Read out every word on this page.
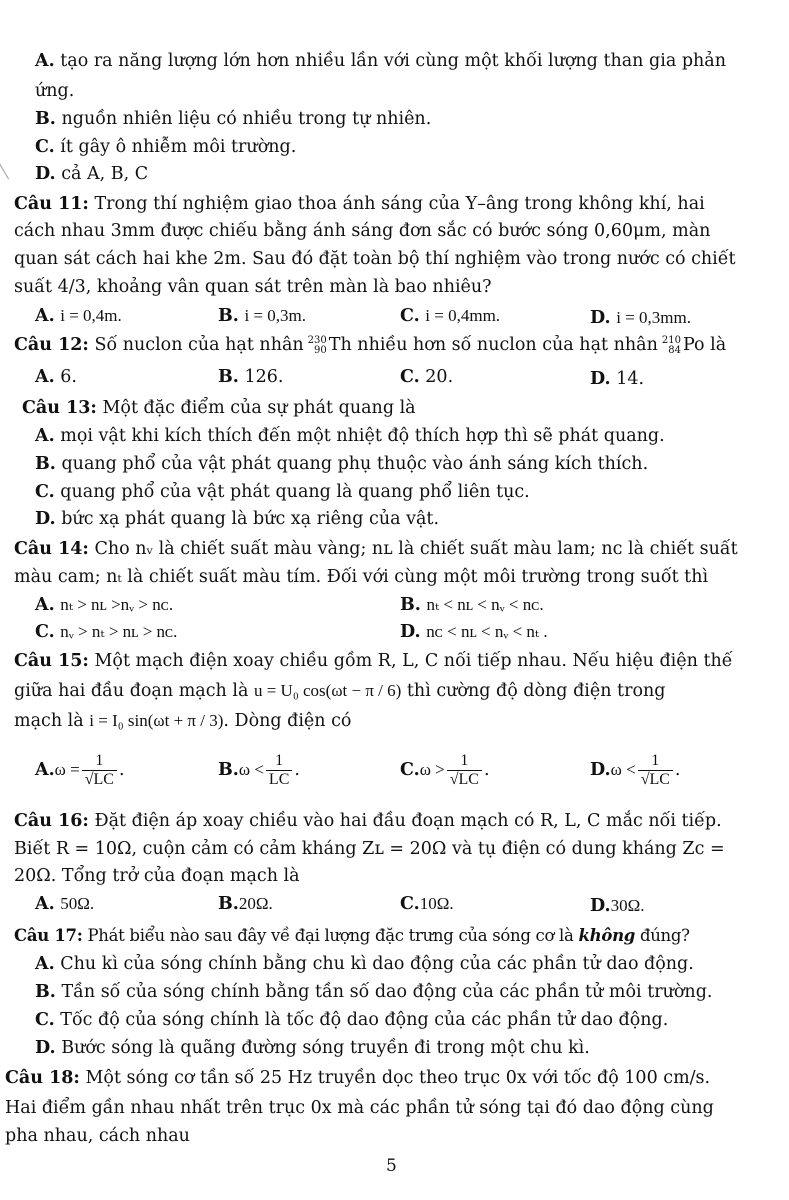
A. tạo ra năng lượng lớn hơn nhiều lần với cùng một khối lượng than gia phản
ứng.
B. nguồn nhiên liệu có nhiều trong tự nhiên.
C. ít gây ô nhiễm môi trường.
D. cả A, B, C
Câu 11: Trong thí nghiệm giao thoa ánh sáng của Y–âng trong không khí, hai
cách nhau 3mm được chiếu bằng ánh sáng đơn sắc có bước sóng 0,60μm, màn
quan sát cách hai khe 2m. Sau đó đặt toàn bộ thí nghiệm vào trong nước có chiết
suất 4/3, khoảng vân quan sát trên màn là bao nhiêu?
A. i = 0,4m.	B. i = 0,3m.	C. i = 0,4mm.	D. i = 0,3mm.
Câu 12: Số nuclon của hạt nhân 230
90 Th nhiều hơn số nuclon của hạt nhân 210
84 Po là
A. 6.	B. 126.	C. 20.	D. 14.
Câu 13: Một đặc điểm của sự phát quang là
A. mọi vật khi kích thích đến một nhiệt độ thích hợp thì sẽ phát quang.
B. quang phổ của vật phát quang phụ thuộc vào ánh sáng kích thích.
C. quang phổ của vật phát quang là quang phổ liên tục.
D. bức xạ phát quang là bức xạ riêng của vật.
Câu 14: Cho nᵥ là chiết suất màu vàng; nʟ là chiết suất màu lam; nᴄ là chiết suất
màu cam; nₜ là chiết suất màu tím. Đối với cùng một môi trường trong suốt thì
A. nₜ > nʟ >nᵥ > nᴄ.	B. nₜ < nʟ < nᵥ < nᴄ.
C. nᵥ > nₜ > nʟ > nᴄ.	D. nᴄ < nʟ < nᵥ < nₜ .
Câu 15: Một mạch điện xoay chiều gồm R, L, C nối tiếp nhau. Nếu hiệu điện thế
giữa hai đầu đoạn mạch là u = U₀ cos(ωt − π / 6) thì cường độ dòng điện trong
mạch là i = I₀ sin(ωt + π / 3). Dòng điện có
$A.\omega = \frac{1}{√LC}$ .	$B.\omega < \frac{1}{LC}$ .	$C.\omega > \frac{1}{√LC}$ .	$D.\omega < \frac{1}{√LC}$ .
Câu 16: Đặt điện áp xoay chiều vào hai đầu đoạn mạch có R, L, C mắc nối tiếp.
Biết R = 10Ω, cuộn cảm có cảm kháng Zʟ = 20Ω và tụ điện có dung kháng Zc =
20Ω. Tổng trở của đoạn mạch là
A. 50Ω.	B.20Ω.	C.10Ω.	D.30Ω.
Câu 17: Phát biểu nào sau đây về đại lượng đặc trưng của sóng cơ là không đúng?
A. Chu kì của sóng chính bằng chu kì dao động của các phần tử dao động.
B. Tần số của sóng chính bằng tần số dao động của các phần tử môi trường.
C. Tốc độ của sóng chính là tốc độ dao động của các phần tử dao động.
D. Bước sóng là quãng đường sóng truyền đi trong một chu kì.
Câu 18: Một sóng cơ tần số 25 Hz truyền dọc theo trục 0x với tốc độ 100 cm/s.
Hai điểm gần nhau nhất trên trục 0x mà các phần tử sóng tại đó dao động cùng
pha nhau, cách nhau
5
